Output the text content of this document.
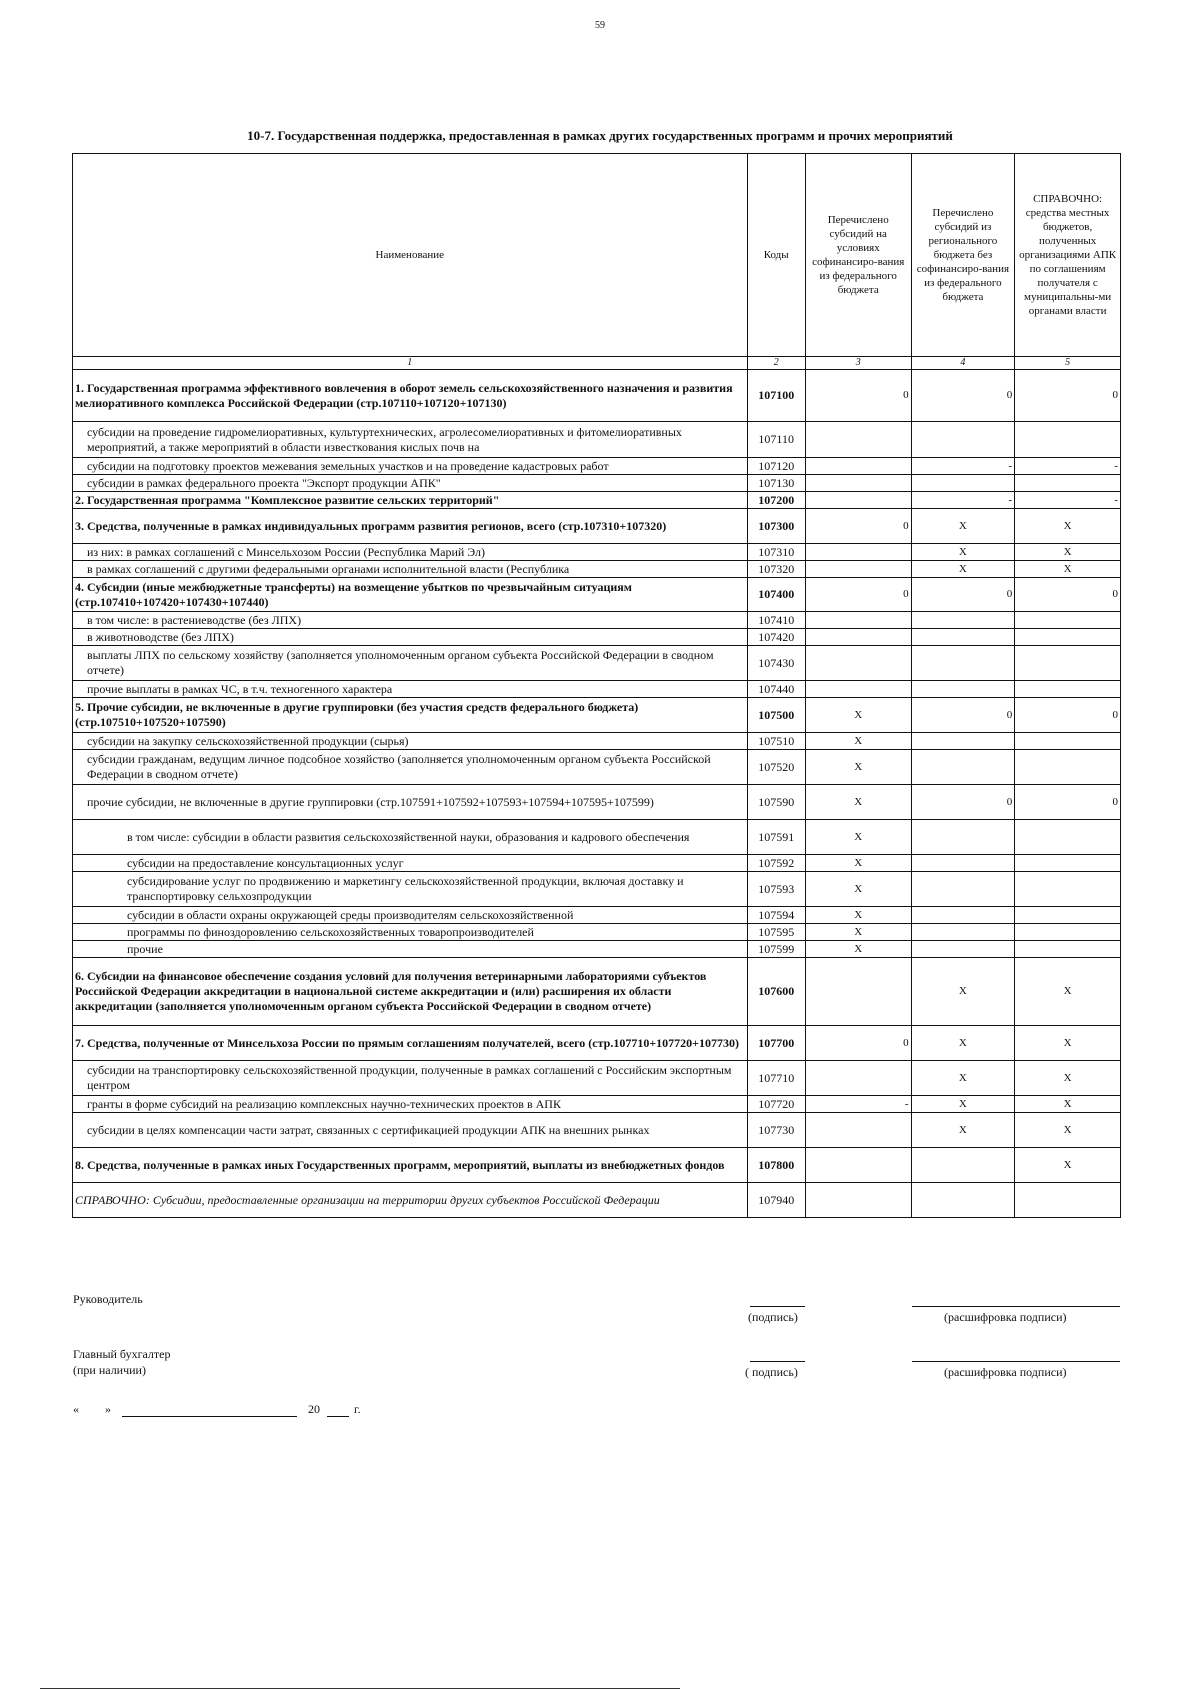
59
10-7. Государственная поддержка, предоставленная в рамках других государственных программ и прочих мероприятий
Наименование	Коды	Перечислено субсидий на условиях софинансиро-вания из федерального бюджета	Перечислено субсидий из регионального бюджета без софинансиро-вания из федерального бюджета	СПРАВОЧНО: средства местных бюджетов, полученных организациями АПК по соглашениям получателя с муниципальны-ми органами власти
1	2	3	4	5
1. Государственная программа эффективного вовлечения в оборот земель сельскохозяйственного назначения и развития мелиоративного комплекса Российской Федерации (стр.107110+107120+107130)	107100	0	0	0
субсидии на проведение гидромелиоративных, культуртехнических, агролесомелиоративных и фитомелиоративных мероприятий, а также мероприятий в области известкования кислых почв на	107110			
субсидии на подготовку проектов межевания земельных участков и на проведение кадастровых работ	107120		-	-
субсидии в рамках федерального проекта "Экспорт продукции АПК"	107130			
2. Государственная программа "Комплексное развитие сельских территорий"	107200		-	-
3. Средства, полученные в рамках индивидуальных программ развития регионов, всего (стр.107310+107320)	107300	0	X	X
из них: в рамках соглашений с Минсельхозом России (Республика Марий Эл)	107310		X	X
в рамках соглашений с другими федеральными органами исполнительной власти (Республика	107320		X	X
4. Субсидии (иные межбюджетные трансферты) на возмещение убытков по чрезвычайным ситуациям (стр.107410+107420+107430+107440)	107400	0	0	0
в том числе: в растениеводстве (без ЛПХ)	107410			
в животноводстве (без ЛПХ)	107420			
выплаты ЛПХ по сельскому хозяйству (заполняется уполномоченным органом субъекта Российской Федерации в сводном отчете)	107430			
прочие выплаты в рамках ЧС, в т.ч. техногенного характера	107440			
5. Прочие субсидии, не включенные в другие группировки (без участия средств федерального бюджета) (стр.107510+107520+107590)	107500	X	0	0
субсидии на закупку сельскохозяйственной продукции (сырья)	107510	X		
субсидии гражданам, ведущим личное подсобное хозяйство (заполняется уполномоченным органом субъекта Российской Федерации в сводном отчете)	107520	X		
прочие субсидии, не включенные в другие группировки (стр.107591+107592+107593+107594+107595+107599)	107590	X	0	0
в том числе: субсидии в области развития сельскохозяйственной науки, образования и кадрового обеспечения	107591	X		
субсидии на предоставление консультационных услуг	107592	X		
субсидирование услуг по продвижению и маркетингу сельскохозяйственной продукции, включая доставку и транспортировку сельхозпродукции	107593	X		
субсидии в области охраны окружающей среды производителям сельскохозяйственной	107594	X		
программы по финоздоровлению сельскохозяйственных товаропроизводителей	107595	X		
прочие	107599	X		
6. Субсидии на финансовое обеспечение создания условий для получения ветеринарными лабораториями субъектов Российской Федерации аккредитации в национальной системе аккредитации и (или) расширения их области аккредитации (заполняется уполномоченным органом субъекта Российской Федерации в сводном отчете)	107600		X	X
7. Средства, полученные от Минсельхоза России по прямым соглашениям получателей, всего (стр.107710+107720+107730)	107700	0	X	X
субсидии на транспортировку сельскохозяйственной продукции, полученные в рамках соглашений с Российским экспортным центром	107710		X	X
гранты в форме субсидий на реализацию комплексных научно-технических проектов в АПК	107720	-	X	X
субсидии в целях компенсации части затрат, связанных с сертификацией продукции АПК на внешних рынках	107730		X	X
8. Средства, полученные в рамках иных Государственных программ, мероприятий, выплаты из внебюджетных фондов	107800			X
СПРАВОЧНО: Субсидии, предоставленные организации на территории других субъектов Российской Федерации	107940			
Руководитель
(подпись)	(расшифровка подписи)
Главный бухгалтер
(при наличии)	( подпись)	(расшифровка подписи)
« »	20	г.
